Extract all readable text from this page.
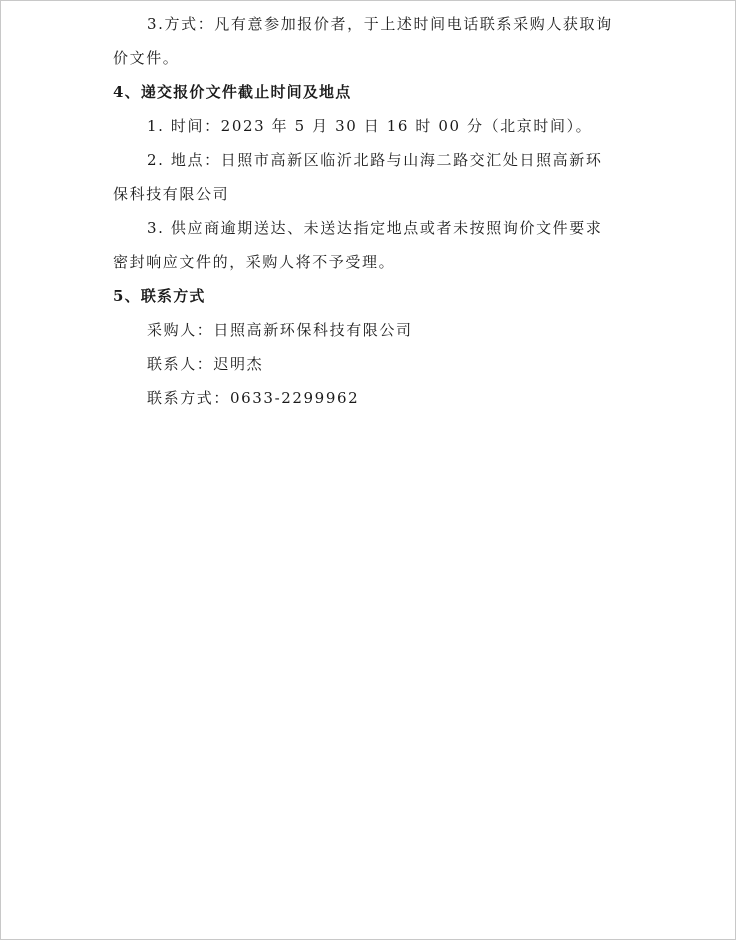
3.方式：凡有意参加报价者，于上述时间电话联系采购人获取询
价文件。
4、递交报价文件截止时间及地点
1. 时间：2023 年 5 月 30 日 16 时 00 分（北京时间）。
2. 地点：日照市高新区临沂北路与山海二路交汇处日照高新环
保科技有限公司
3. 供应商逾期送达、未送达指定地点或者未按照询价文件要求
密封响应文件的，采购人将不予受理。
5、联系方式
采购人：日照高新环保科技有限公司
联系人：迟明杰
联系方式：0633-2299962
